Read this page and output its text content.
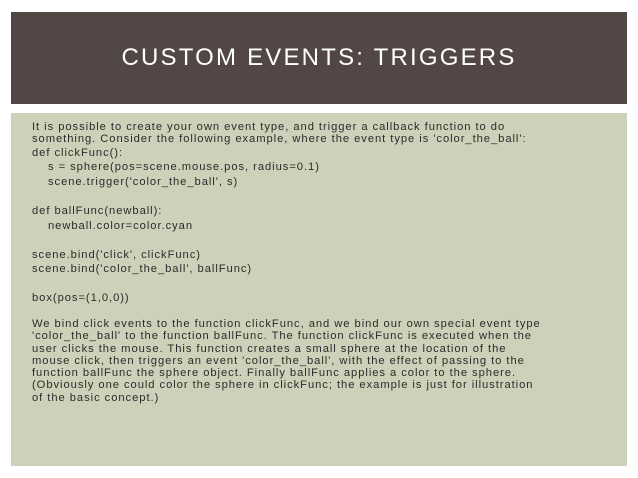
CUSTOM EVENTS: TRIGGERS
It is possible to create your own event type, and trigger a callback function to do
something. Consider the following example, where the event type is 'color_the_ball':
def clickFunc():
s = sphere(pos=scene.mouse.pos, radius=0.1)
scene.trigger('color_the_ball', s)
def ballFunc(newball):
newball.color=color.cyan
scene.bind('click', clickFunc)
scene.bind('color_the_ball', ballFunc)
box(pos=(1,0,0))
We bind click events to the function clickFunc, and we bind our own special event type
'color_the_ball' to the function ballFunc. The function clickFunc is executed when the
user clicks the mouse. This function creates a small sphere at the location of the
mouse click, then triggers an event 'color_the_ball', with the effect of passing to the
function ballFunc the sphere object. Finally ballFunc applies a color to the sphere.
(Obviously one could color the sphere in clickFunc; the example is just for illustration
of the basic concept.)
